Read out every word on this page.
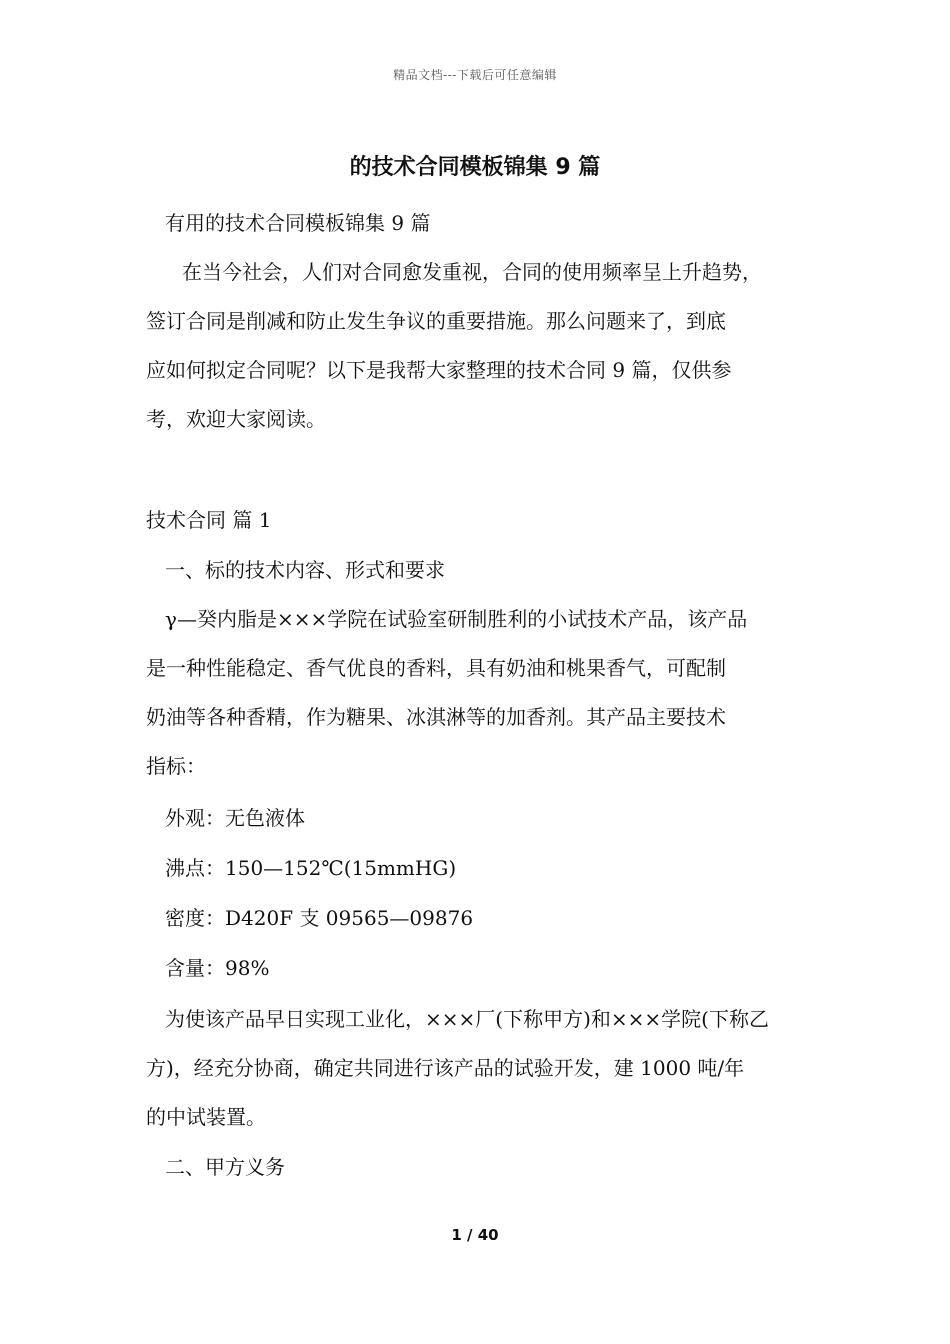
精品文档---下载后可任意编辑
的技术合同模板锦集 9 篇

有用的技术合同模板锦集 9 篇

在当今社会，人们对合同愈发重视，合同的使用频率呈上升趋势，

签订合同是削减和防止发生争议的重要措施。那么问题来了，到底

应如何拟定合同呢？以下是我帮大家整理的技术合同 9 篇，仅供参

考，欢迎大家阅读。

技术合同 篇 1

一、标的技术内容、形式和要求

γ—癸内脂是×××学院在试验室研制胜利的小试技术产品，该产品

是一种性能稳定、香气优良的香料，具有奶油和桃果香气，可配制

奶油等各种香精，作为糖果、冰淇淋等的加香剂。其产品主要技术

指标：

外观：无色液体

沸点：150—152℃(15mmHG)

密度：D420F 支 09565—09876

含量：98%

为使该产品早日实现工业化，×××厂(下称甲方)和×××学院(下称乙

方)，经充分协商，确定共同进行该产品的试验开发，建 1000 吨/年

的中试装置。

二、甲方义务

1 / 40
